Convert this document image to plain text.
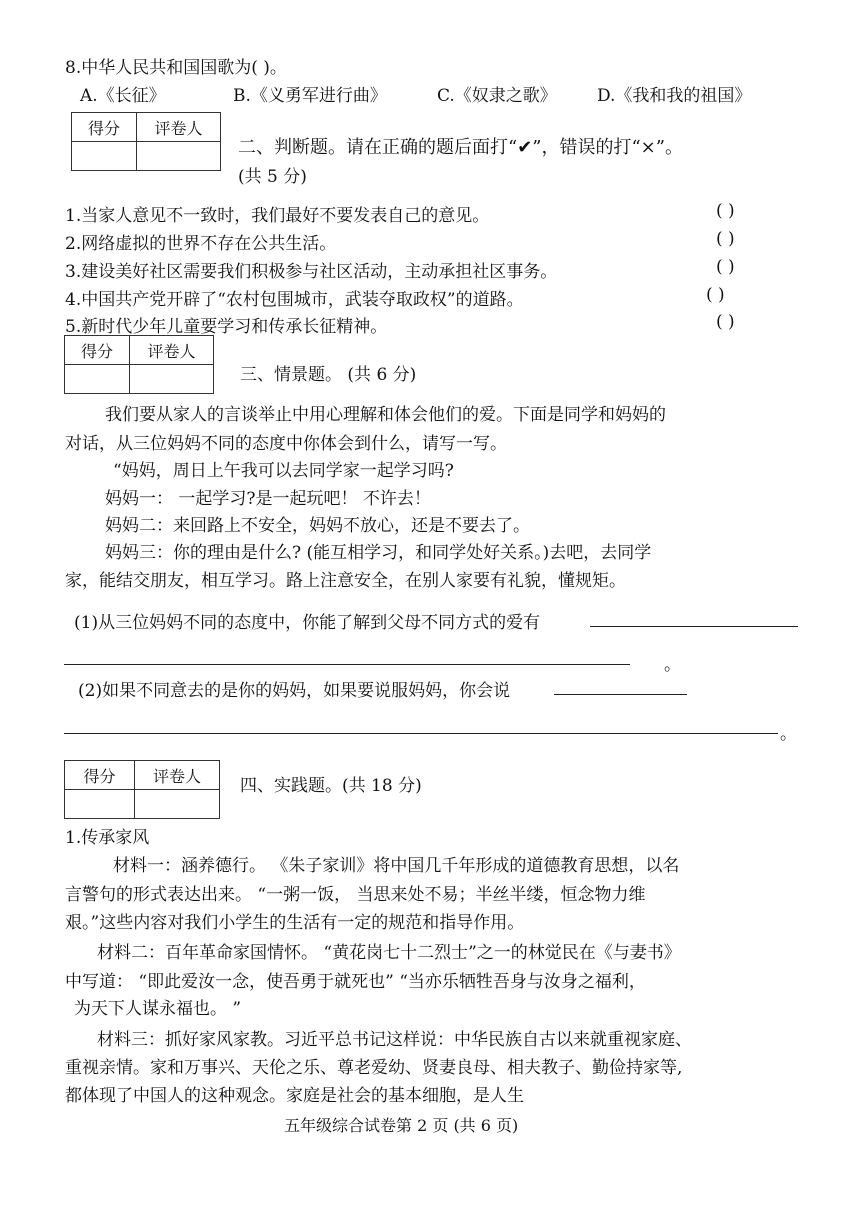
8.中华人民共和国国歌为( )。
A.《长征》	B.《义勇军进行曲》	C.《奴隶之歌》 D.《我和我的祖国》
得分	评卷人

二、判断题。请在正确的题后面打“✔”，错误的打“×”。
(共 5 分)
1.当家人意见不一致时，我们最好不要发表自己的意见。	( )
2.网络虚拟的世界不存在公共生活。	( )
3.建设美好社区需要我们积极参与社区活动，主动承担社区事务。	( )
4.中国共产党开辟了“农村包围城市，武装夺取政权”的道路。	( )
5.新时代少年儿童要学习和传承长征精神。	( )
得分	评卷人

三、情景题。 (共 6 分)
我们要从家人的言谈举止中用心理解和体会他们的爱。下面是同学和妈妈的
对话，从三位妈妈不同的态度中你体会到什么，请写一写。
“妈妈，周日上午我可以去同学家一起学习吗?
妈妈一： 一起学习?是一起玩吧！ 不许去！
妈妈二：来回路上不安全，妈妈不放心，还是不要去了。
妈妈三：你的理由是什么? (能互相学习，和同学处好关系。)去吧，去同学
家，能结交朋友，相互学习。路上注意安全，在别人家要有礼貌，懂规矩。
(1)从三位妈妈不同的态度中，你能了解到父母不同方式的爱有
。
(2)如果不同意去的是你的妈妈，如果要说服妈妈，你会说
。
得分	评卷人
	四、实践题。(共 18 分)
1.传承家风
材料一：涵养德行。 《朱子家训》将中国几千年形成的道德教育思想，以名
言警句的形式表达出来。 “一粥一饭， 当思来处不易；半丝半缕，恒念物力维
艰。”这些内容对我们小学生的生活有一定的规范和指导作用。
材料二：百年革命家国情怀。 “黄花岗七十二烈士”之一的林觉民在《与妻书》
中写道： “即此爱汝一念，使吾勇于就死也” “当亦乐牺牲吾身与汝身之福利，
为天下人谋永福也。 ”
材料三：抓好家风家教。习近平总书记这样说：中华民族自古以来就重视家庭、
重视亲情。家和万事兴、天伦之乐、尊老爱幼、贤妻良母、相夫教子、勤俭持家等,
都体现了中国人的这种观念。家庭是社会的基本细胞，是人生
五年级综合试卷第 2 页 (共 6 页)
